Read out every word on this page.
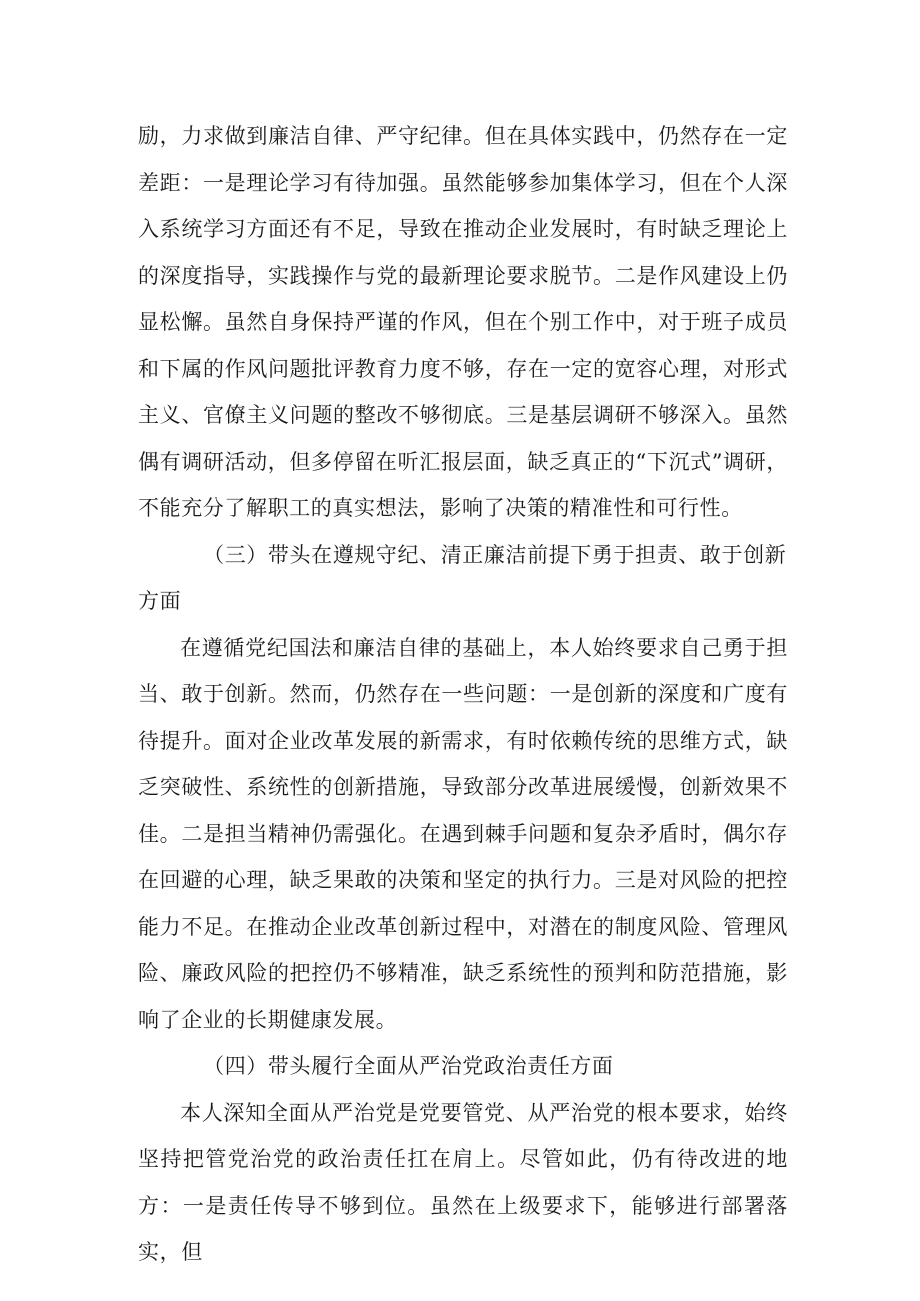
励，力求做到廉洁自律、严守纪律。但在具体实践中，仍然存在一定差距：一是理论学习有待加强。虽然能够参加集体学习，但在个人深入系统学习方面还有不足，导致在推动企业发展时，有时缺乏理论上的深度指导，实践操作与党的最新理论要求脱节。二是作风建设上仍显松懈。虽然自身保持严谨的作风，但在个别工作中，对于班子成员和下属的作风问题批评教育力度不够，存在一定的宽容心理，对形式主义、官僚主义问题的整改不够彻底。三是基层调研不够深入。虽然偶有调研活动，但多停留在听汇报层面，缺乏真正的“下沉式”调研，不能充分了解职工的真实想法，影响了决策的精准性和可行性。

（三）带头在遵规守纪、清正廉洁前提下勇于担责、敢于创新方面

在遵循党纪国法和廉洁自律的基础上，本人始终要求自己勇于担当、敢于创新。然而，仍然存在一些问题：一是创新的深度和广度有待提升。面对企业改革发展的新需求，有时依赖传统的思维方式，缺乏突破性、系统性的创新措施，导致部分改革进展缓慢，创新效果不佳。二是担当精神仍需强化。在遇到棘手问题和复杂矛盾时，偶尔存在回避的心理，缺乏果敢的决策和坚定的执行力。三是对风险的把控能力不足。在推动企业改革创新过程中，对潜在的制度风险、管理风险、廉政风险的把控仍不够精准，缺乏系统性的预判和防范措施，影响了企业的长期健康发展。

（四）带头履行全面从严治党政治责任方面

本人深知全面从严治党是党要管党、从严治党的根本要求，始终坚持把管党治党的政治责任扛在肩上。尽管如此，仍有待改进的地方：一是责任传导不够到位。虽然在上级要求下，能够进行部署落实，但
